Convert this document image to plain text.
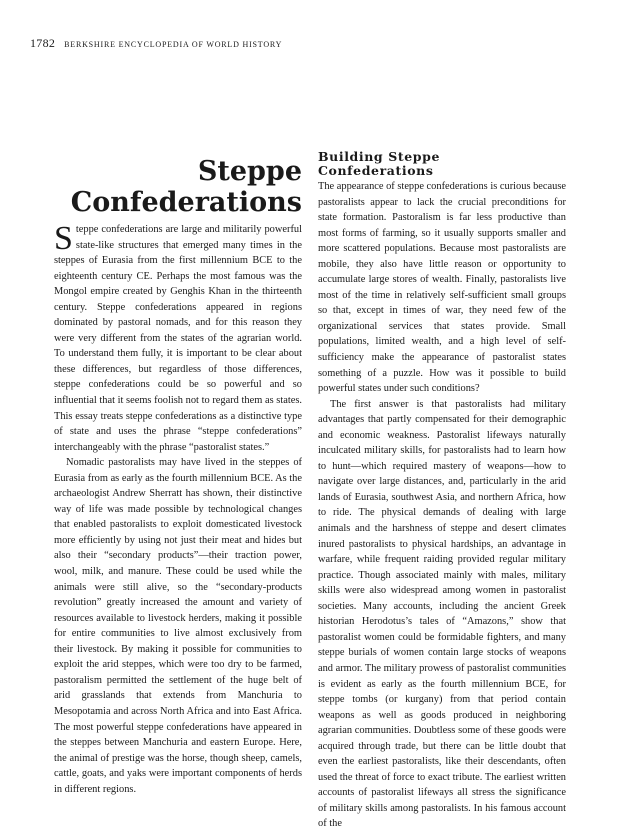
1782 BERKSHIRE ENCYCLOPEDIA OF WORLD HISTORY
Steppe
Confederations

Steppe confederations are large and militarily powerful state-like structures that emerged many times in the steppes of Eurasia from the first millennium BCE to the eighteenth century CE. Perhaps the most famous was the Mongol empire created by Genghis Khan in the thirteenth century. Steppe confederations appeared in regions dominated by pastoral nomads, and for this reason they were very different from the states of the agrarian world. To understand them fully, it is important to be clear about these differences, but regardless of those differences, steppe confederations could be so powerful and so influential that it seems foolish not to regard them as states. This essay treats steppe confederations as a distinctive type of state and uses the phrase “steppe confederations” interchangeably with the phrase “pastoralist states.”

Nomadic pastoralists may have lived in the steppes of Eurasia from as early as the fourth millennium BCE. As the archaeologist Andrew Sherratt has shown, their distinctive way of life was made possible by technological changes that enabled pastoralists to exploit domesticated livestock more efficiently by using not just their meat and hides but also their “secondary products”—their traction power, wool, milk, and manure. These could be used while the animals were still alive, so the “secondary-products revolution” greatly increased the amount and variety of resources available to livestock herders, making it possible for entire communities to live almost exclusively from their livestock. By making it possible for communities to exploit the arid steppes, which were too dry to be farmed, pastoralism permitted the settlement of the huge belt of arid grasslands that extends from Manchuria to Mesopotamia and across North Africa and into East Africa. The most powerful steppe confederations have appeared in the steppes between Manchuria and eastern Europe. Here, the animal of prestige was the horse, though sheep, camels, cattle, goats, and yaks were important components of herds in different regions.

Building Steppe
Confederations

The appearance of steppe confederations is curious because pastoralists appear to lack the crucial preconditions for state formation. Pastoralism is far less productive than most forms of farming, so it usually supports smaller and more scattered populations. Because most pastoralists are mobile, they also have little reason or opportunity to accumulate large stores of wealth. Finally, pastoralists live most of the time in relatively self-sufficient small groups so that, except in times of war, they need few of the organizational services that states provide. Small populations, limited wealth, and a high level of self-sufficiency make the appearance of pastoralist states something of a puzzle. How was it possible to build powerful states under such conditions?

The first answer is that pastoralists had military advantages that partly compensated for their demographic and economic weakness. Pastoralist lifeways naturally inculcated military skills, for pastoralists had to learn how to hunt—which required mastery of weapons—how to navigate over large distances, and, particularly in the arid lands of Eurasia, southwest Asia, and northern Africa, how to ride. The physical demands of dealing with large animals and the harshness of steppe and desert climates inured pastoralists to physical hardships, an advantage in warfare, while frequent raiding provided regular military practice. Though associated mainly with males, military skills were also widespread among women in pastoralist societies. Many accounts, including the ancient Greek historian Herodotus’s tales of “Amazons,” show that pastoralist women could be formidable fighters, and many steppe burials of women contain large stocks of weapons and armor. The military prowess of pastoralist communities is evident as early as the fourth millennium BCE, for steppe tombs (or kurgany) from that period contain weapons as well as goods produced in neighboring agrarian communities. Doubtless some of these goods were acquired through trade, but there can be little doubt that even the earliest pastoralists, like their descendants, often used the threat of force to exact tribute. The earliest written accounts of pastoralist lifeways all stress the significance of military skills among pastoralists. In his famous account of the
